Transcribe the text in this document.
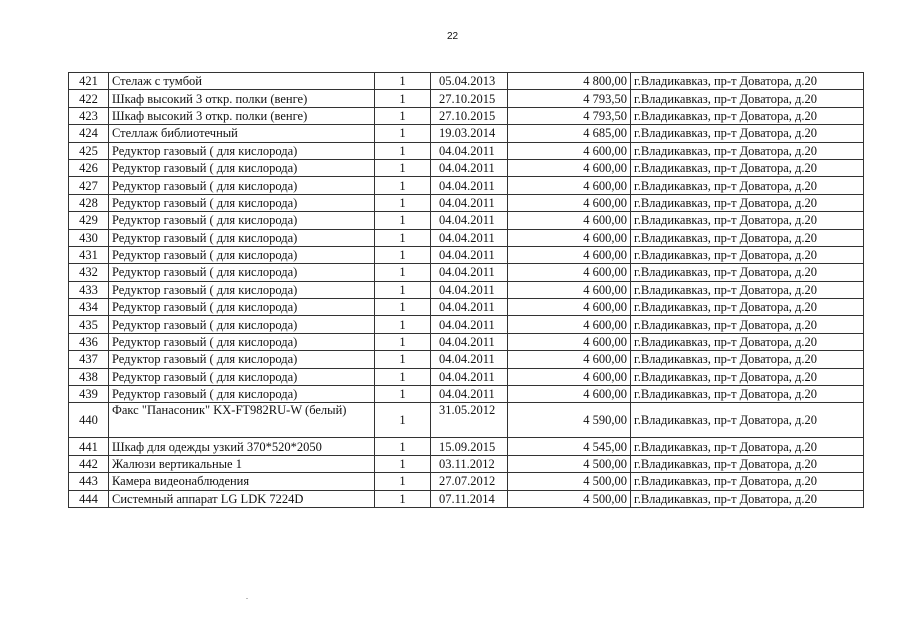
22
421	Стелаж с тумбой	1	05.04.2013	4 800,00	г.Владикавказ, пр-т Доватора, д.20
422	Шкаф высокий 3 откр. полки (венге)	1	27.10.2015	4 793,50	г.Владикавказ, пр-т Доватора, д.20
423	Шкаф высокий 3 откр. полки (венге)	1	27.10.2015	4 793,50	г.Владикавказ, пр-т Доватора, д.20
424	Стеллаж библиотечный	1	19.03.2014	4 685,00	г.Владикавказ, пр-т Доватора, д.20
425	Редуктор газовый ( для кислорода)	1	04.04.2011	4 600,00	г.Владикавказ, пр-т Доватора, д.20
426	Редуктор газовый ( для кислорода)	1	04.04.2011	4 600,00	г.Владикавказ, пр-т Доватора, д.20
427	Редуктор газовый ( для кислорода)	1	04.04.2011	4 600,00	г.Владикавказ, пр-т Доватора, д.20
428	Редуктор газовый ( для кислорода)	1	04.04.2011	4 600,00	г.Владикавказ, пр-т Доватора, д.20
429	Редуктор газовый ( для кислорода)	1	04.04.2011	4 600,00	г.Владикавказ, пр-т Доватора, д.20
430	Редуктор газовый ( для кислорода)	1	04.04.2011	4 600,00	г.Владикавказ, пр-т Доватора, д.20
431	Редуктор газовый ( для кислорода)	1	04.04.2011	4 600,00	г.Владикавказ, пр-т Доватора, д.20
432	Редуктор газовый ( для кислорода)	1	04.04.2011	4 600,00	г.Владикавказ, пр-т Доватора, д.20
433	Редуктор газовый ( для кислорода)	1	04.04.2011	4 600,00	г.Владикавказ, пр-т Доватора, д.20
434	Редуктор газовый ( для кислорода)	1	04.04.2011	4 600,00	г.Владикавказ, пр-т Доватора, д.20
435	Редуктор газовый ( для кислорода)	1	04.04.2011	4 600,00	г.Владикавказ, пр-т Доватора, д.20
436	Редуктор газовый ( для кислорода)	1	04.04.2011	4 600,00	г.Владикавказ, пр-т Доватора, д.20
437	Редуктор газовый ( для кислорода)	1	04.04.2011	4 600,00	г.Владикавказ, пр-т Доватора, д.20
438	Редуктор газовый ( для кислорода)	1	04.04.2011	4 600,00	г.Владикавказ, пр-т Доватора, д.20
439	Редуктор газовый ( для кислорода)	1	04.04.2011	4 600,00	г.Владикавказ, пр-т Доватора, д.20
440	Факс "Панасоник" KX-FT982RU-W (белый)	1	31.05.2012	4 590,00	г.Владикавказ, пр-т Доватора, д.20
441	Шкаф для одежды узкий 370*520*2050	1	15.09.2015	4 545,00	г.Владикавказ, пр-т Доватора, д.20
442	Жалюзи вертикальные 1	1	03.11.2012	4 500,00	г.Владикавказ, пр-т Доватора, д.20
443	Камера видеонаблюдения	1	27.07.2012	4 500,00	г.Владикавказ, пр-т Доватора, д.20
444	Системный аппарат LG LDK 7224D	1	07.11.2014	4 500,00	г.Владикавказ, пр-т Доватора, д.20
